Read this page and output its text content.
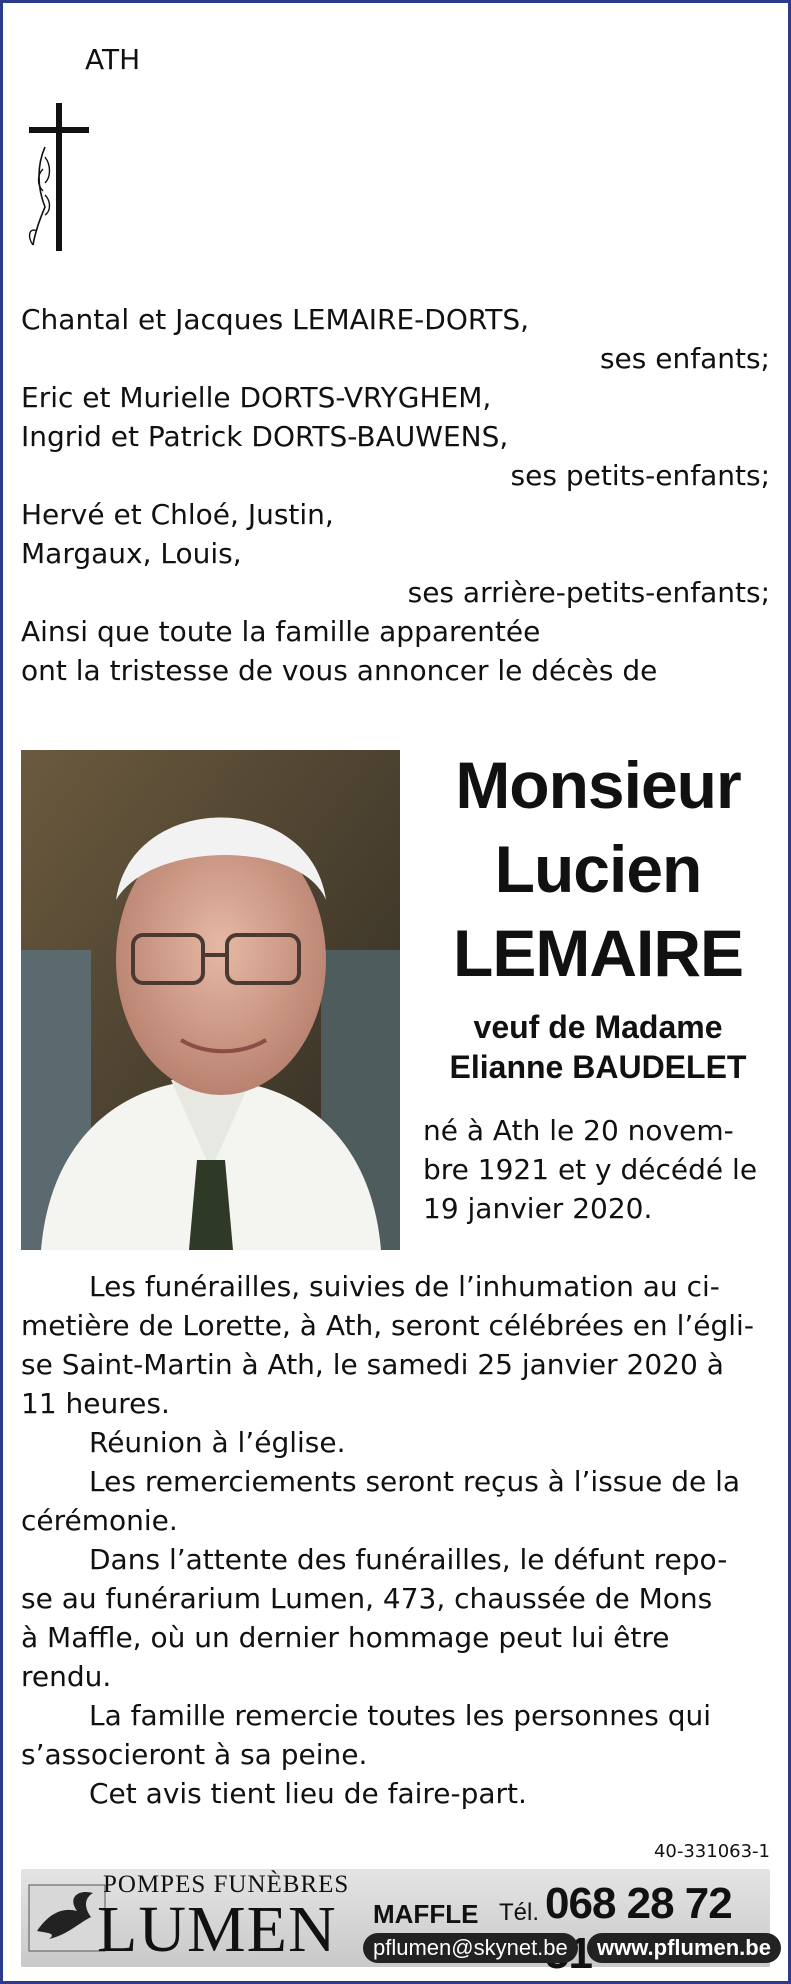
ATH
Chantal et Jacques LEMAIRE-DORTS,
ses enfants;
Eric et Murielle DORTS-VRYGHEM,
Ingrid et Patrick DORTS-BAUWENS,
ses petits-enfants;
Hervé et Chloé, Justin,
Margaux, Louis,
ses arrière-petits-enfants;
Ainsi que toute la famille apparentée
ont la tristesse de vous annoncer le décès de
Monsieur
Lucien
LEMAIRE
veuf de Madame
Elianne BAUDELET
né à Ath le 20 novem-
bre 1921 et y décédé le
19 janvier 2020.
Les funérailles, suivies de l’inhumation au ci-
metière de Lorette, à Ath, seront célébrées en l’égli-
se Saint-Martin à Ath, le samedi 25 janvier 2020 à
11 heures.
Réunion à l’église.
Les remerciements seront reçus à l’issue de la
cérémonie.
Dans l’attente des funérailles, le défunt repo-
se au funérarium Lumen, 473, chaussée de Mons
à Maffle, où un dernier hommage peut lui être
rendu.
La famille remercie toutes les personnes qui
s’associeront à sa peine.
Cet avis tient lieu de faire-part.
40-331063-1
POMPES FUNÈBRES
LUMEN MAFFLE Tél. 068 28 72
pflumen@skynet.be	www.pflumen.be
